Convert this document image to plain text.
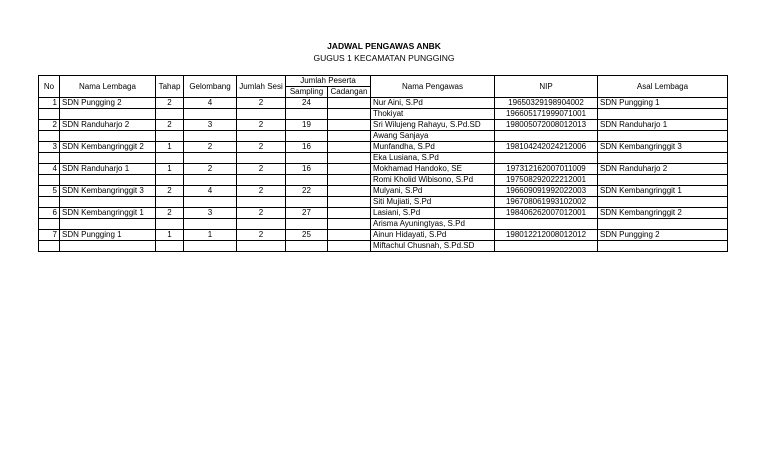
JADWAL PENGAWAS ANBK
GUGUS 1 KECAMATAN PUNGGING
No	Nama Lembaga	Tahap	Gelombang	Jumlah Sesi	Jumlah Peserta		Nama Pengawas	NIP	Asal Lembaga
					Sampling	Cadangan			
1	SDN Pungging 2	2	4	2	24		Nur Aini, S.Pd	19650329198904002	SDN Pungging 1
							Thokiyat	196605171999071001	
2	SDN Randuharjo 2	2	3	2	19		Sri Wilujeng Rahayu, S.Pd.SD	198005072008012013	SDN Randuharjo 1
							Awang Sanjaya		
3	SDN Kembangringgit 2	1	2	2	16		Munfandha, S.Pd	198104242024212006	SDN Kembangringgit 3
							Eka Lusiana, S.Pd		
4	SDN Randuharjo 1	1	2	2	16		Mokhamad Handoko, SE	197312162007011009	SDN Randuharjo 2
							Romi Kholid Wibisono, S.Pd	197508292022212001	
5	SDN Kembangringgit 3	2	4	2	22		Mulyani, S.Pd	196609091992022003	SDN Kembangringgit 1
							Siti Mujiati, S.Pd	196708061993102002	
6	SDN Kembangringgit 1	2	3	2	27		Lasiani, S.Pd	198406262007012001	SDN Kembangringgit 2
							Arisma Ayuningtyas, S.Pd		
7	SDN Pungging 1	1	1	2	25		Ainun Hidayati, S.Pd	198012212008012012	SDN Pungging 2
							Miftachul Chusnah, S.Pd.SD		
